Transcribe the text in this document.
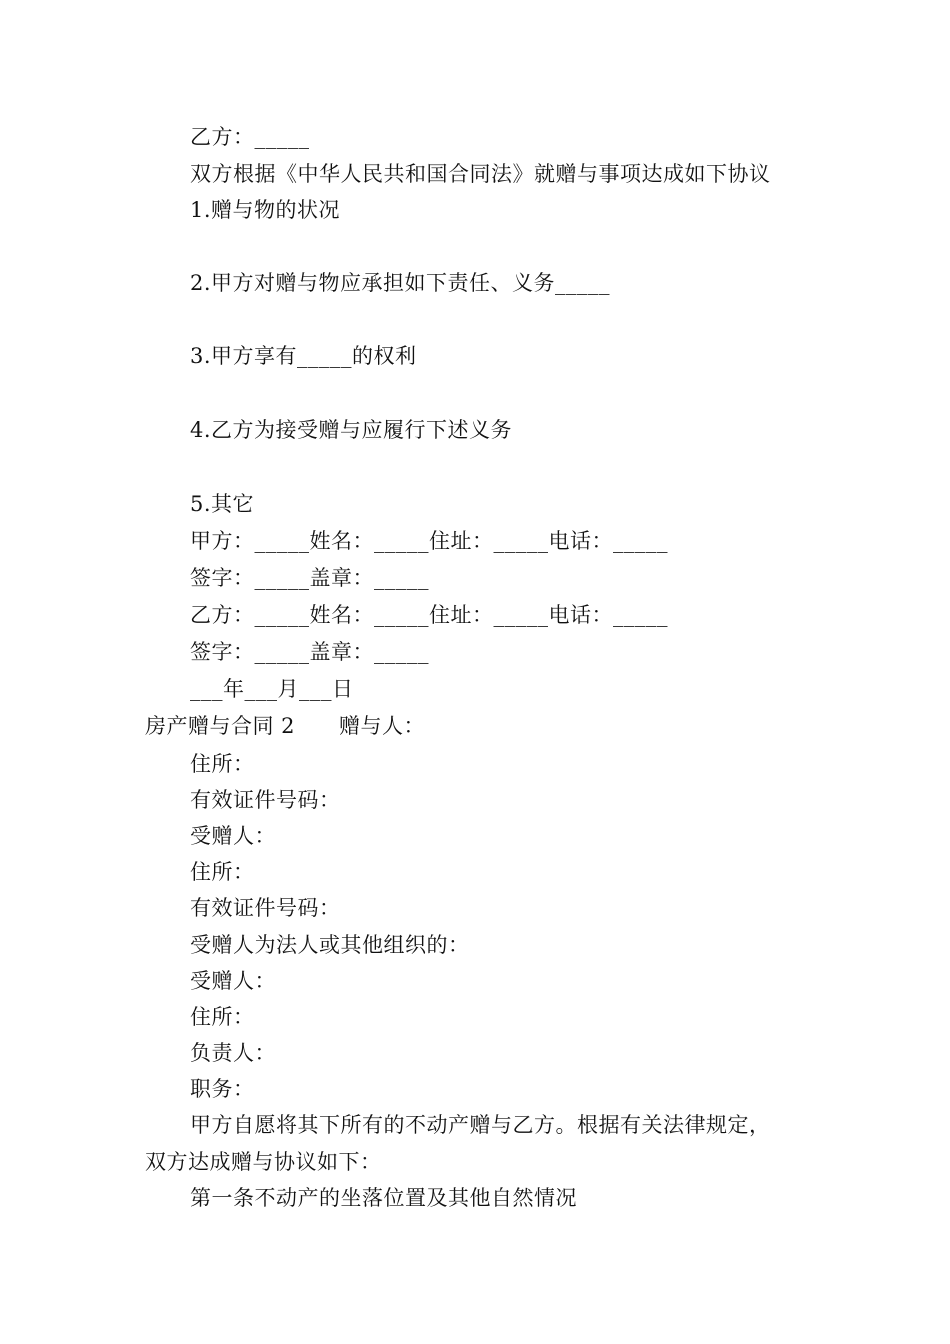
乙方：_____
双方根据《中华人民共和国合同法》就赠与事项达成如下协议
1.赠与物的状况
2.甲方对赠与物应承担如下责任、义务_____
3.甲方享有_____的权利
4.乙方为接受赠与应履行下述义务
5.其它
甲方：_____姓名：_____住址：_____电话：_____
签字：_____盖章：_____
乙方：_____姓名：_____住址：_____电话：_____
签字：_____盖章：_____
___年___月___日
房产赠与合同 2 赠与人：
住所：
有效证件号码：
受赠人：
住所：
有效证件号码：
受赠人为法人或其他组织的：
受赠人：
住所：
负责人：
职务：
甲方自愿将其下所有的不动产赠与乙方。根据有关法律规定，
双方达成赠与协议如下：
第一条不动产的坐落位置及其他自然情况
